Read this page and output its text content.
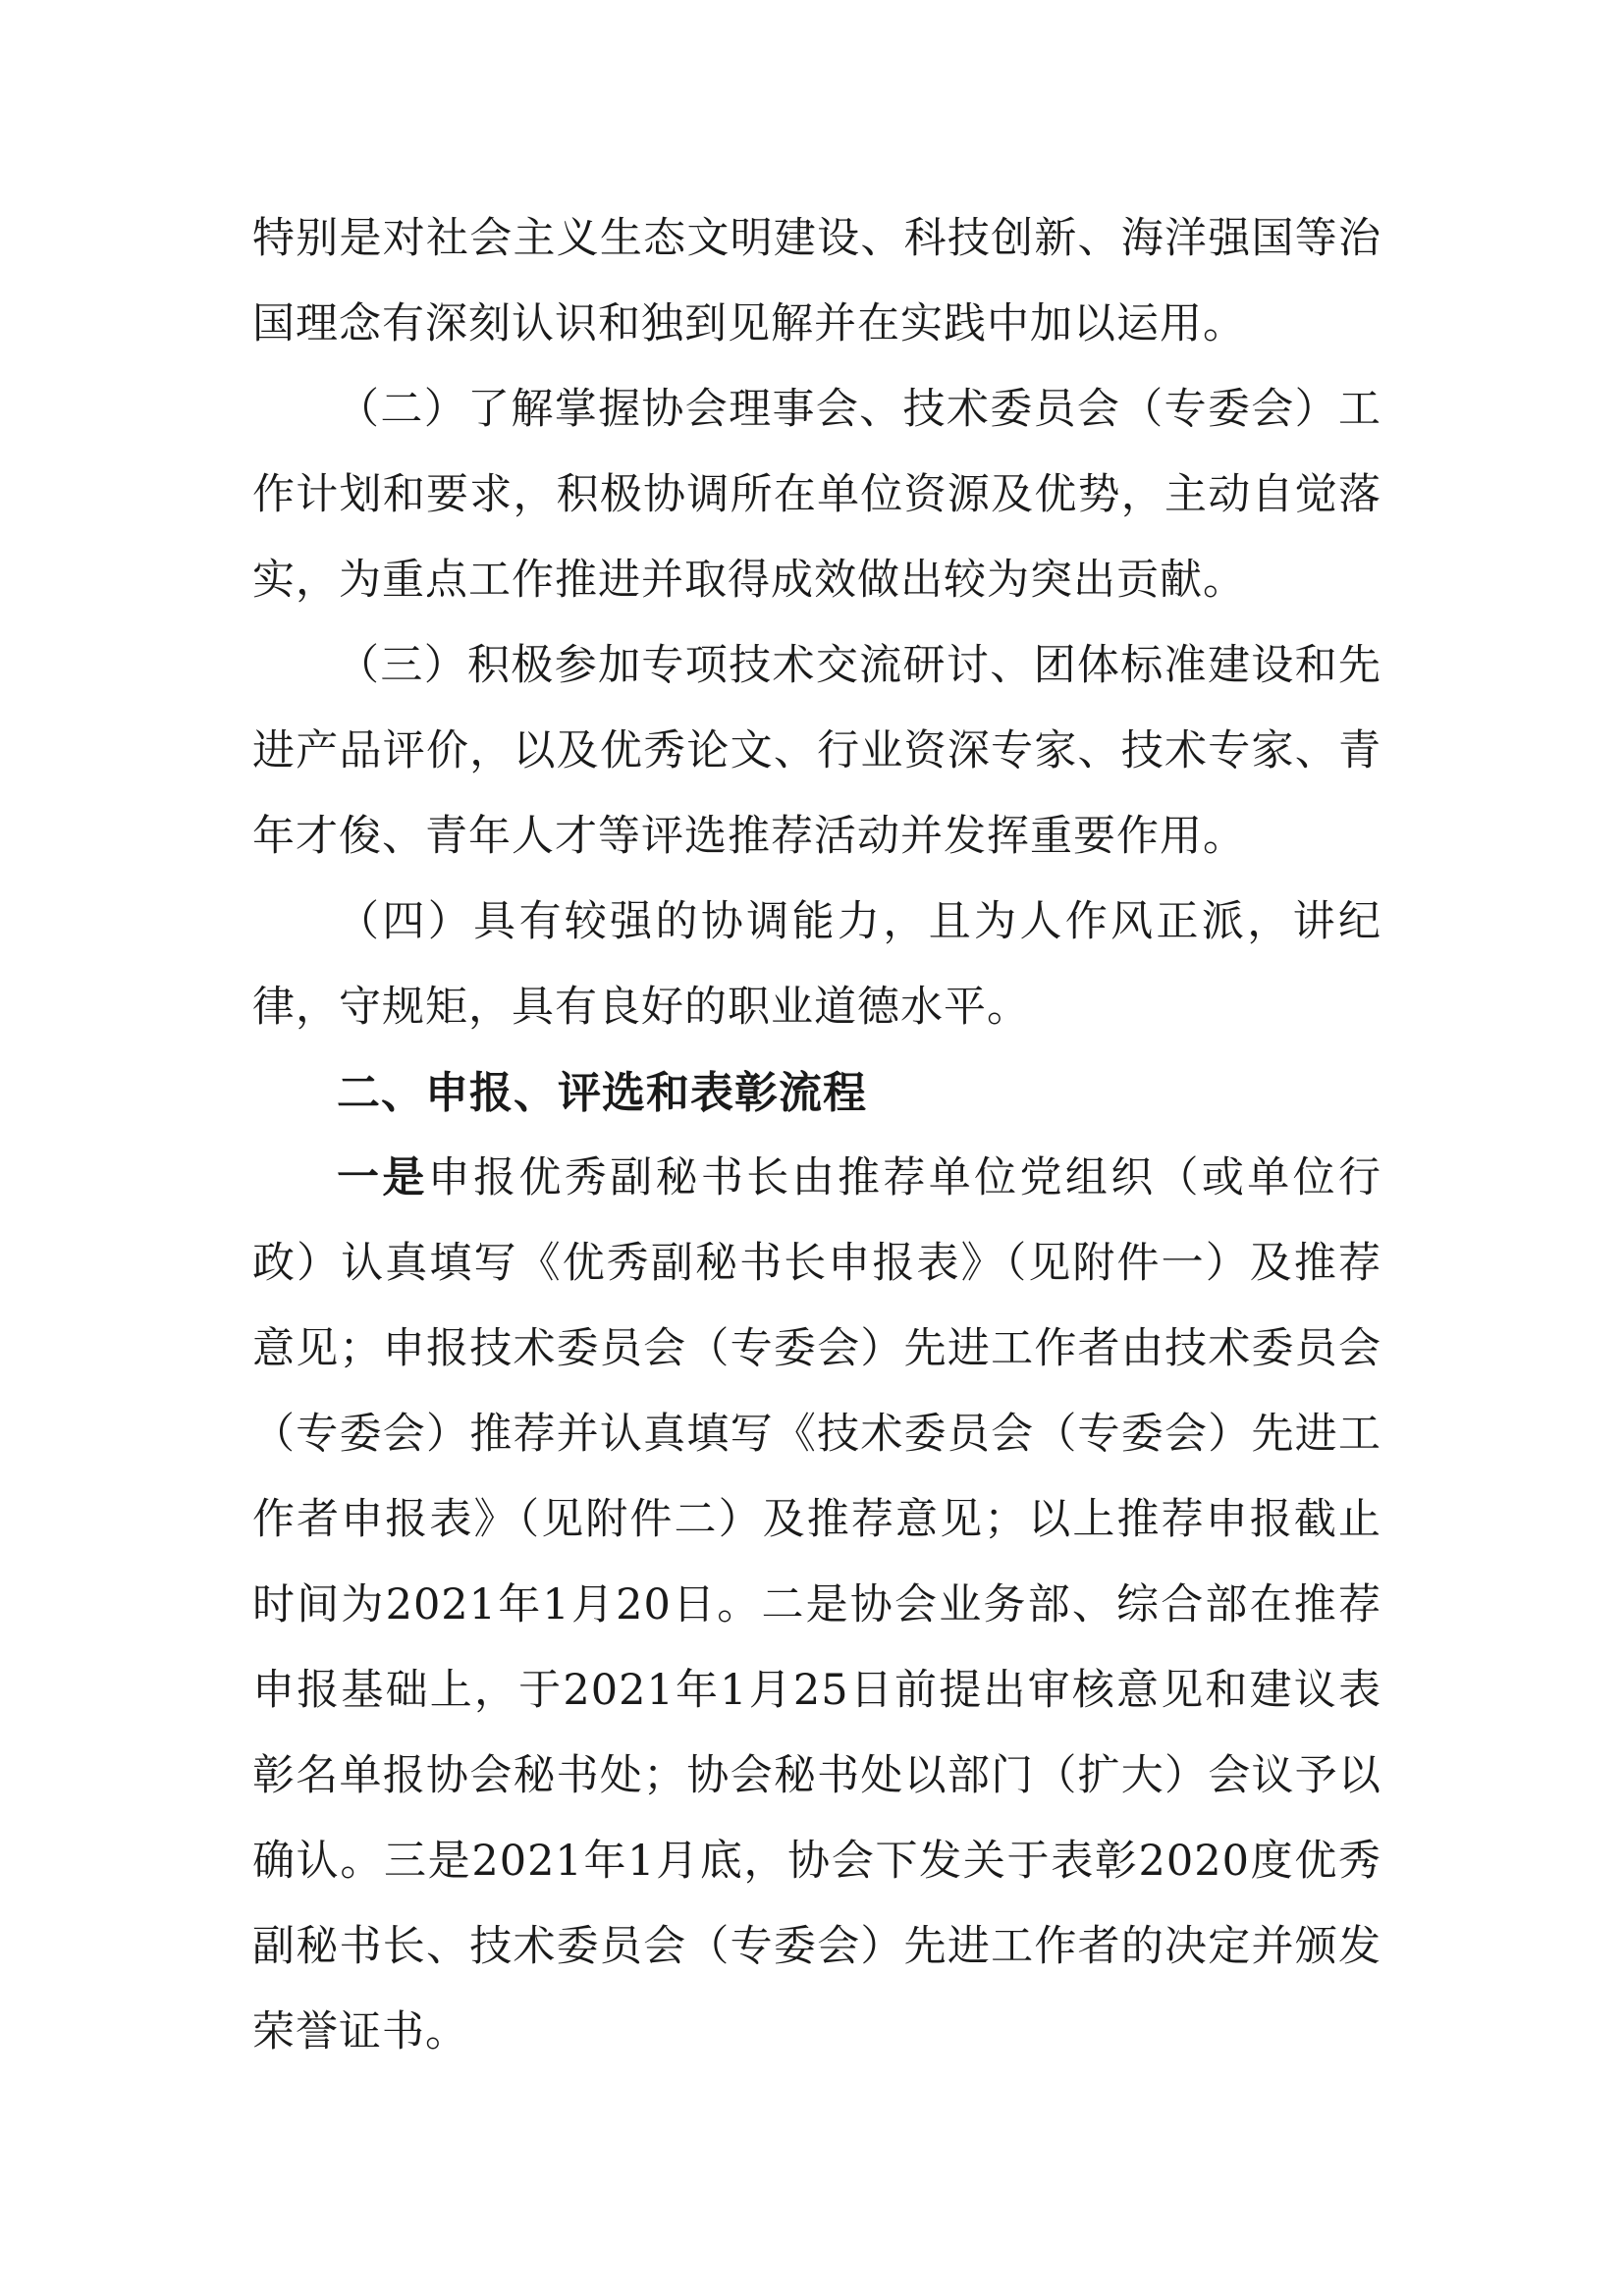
特别是对社会主义生态文明建设、科技创新、海洋强国等治国理念有深刻认识和独到见解并在实践中加以运用。

（二）了解掌握协会理事会、技术委员会（专委会）工作计划和要求，积极协调所在单位资源及优势，主动自觉落实，为重点工作推进并取得成效做出较为突出贡献。

（三）积极参加专项技术交流研讨、团体标准建设和先进产品评价，以及优秀论文、行业资深专家、技术专家、青年才俊、青年人才等评选推荐活动并发挥重要作用。

（四）具有较强的协调能力，且为人作风正派，讲纪律，守规矩，具有良好的职业道德水平。

二、申报、评选和表彰流程

一是申报优秀副秘书长由推荐单位党组织（或单位行政）认真填写《优秀副秘书长申报表》（见附件一）及推荐意见；申报技术委员会（专委会）先进工作者由技术委员会（专委会）推荐并认真填写《技术委员会（专委会）先进工作者申报表》（见附件二）及推荐意见；以上推荐申报截止时间为2021年1月20日。二是协会业务部、综合部在推荐申报基础上，于2021年1月25日前提出审核意见和建议表彰名单报协会秘书处；协会秘书处以部门（扩大）会议予以确认。三是2021年1月底，协会下发关于表彰2020度优秀副秘书长、技术委员会（专委会）先进工作者的决定并颁发荣誉证书。
